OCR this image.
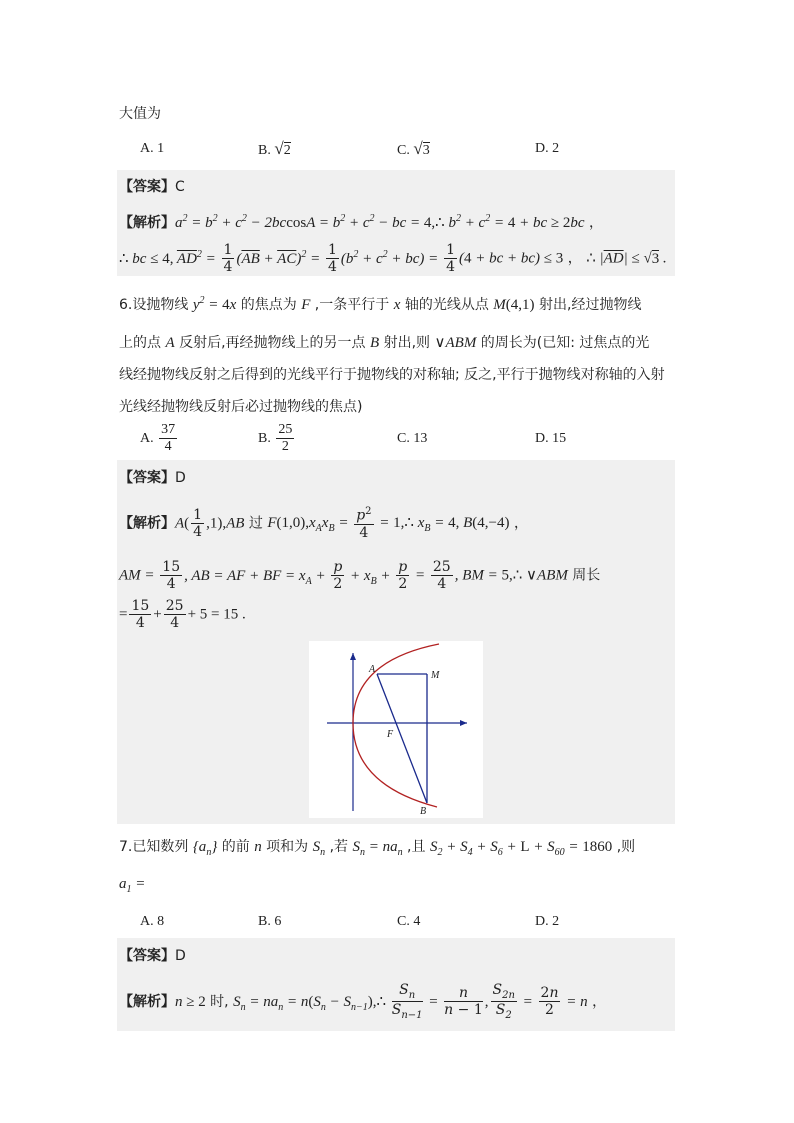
大值为
A. 1	B. √2	C. √3	D. 2
【答案】C
【解析】$a^2 = b^2 + c^2 - 2bccosA = b^2 + c^2$ − bc = 4,∴ $b^2 + c^2 = 4$ + bc ≥ 2bc ，
∴ bc ≤ 4, $\overline{AD}^2 = \frac{1}{4} (\overline{AB} + \overline{AC})^2 = \frac{1}{4} (b^2 + c^2 + bc) = \frac{1}{4} (4$ + bc + bc) ≤ 3 ， ∴ $|\overline{AD}| \le √3$ .
6.设抛物线 $y^2 = 4x$ 的焦点为 F ,一条平行于 x 轴的光线从点 M(4,1) 射出,经过抛物线
上的点 A 反射后,再经抛物线上的另一点 B 射出,则 ∨ABM 的周长为(已知: 过焦点的光
线经抛物线反射之后得到的光线平行于抛物线的对称轴; 反之,平行于抛物线对称轴的入射
光线经抛物线反射后必过抛物线的焦点)
A. $\frac{37}{4}$	B. $\frac{25}{2}$	C. 13	D. 15
【答案】D
【解析】$A( \frac{1}{4} ,1),AB$ 过 $F(1,0),x_Ax_B = \frac{p^2}{4}$ = 1,∴ $x_B = 4$, B(4,−4) ，
AM = $\frac{15}{4}$ , AB = AF + BF = $x_A + \frac{p}{2} + x_B + \frac{p}{2} = \frac{25}{4}$ , BM = 5,∴ ∨ABM 周长
= $\frac{15}{4} + \frac{25}{4} + 5 = 15$ .
A
M
F
B
7.已知数列 $\{a_n\}$ 的前 n 项和为 $S_n$ ,若 $S_n = na_n$ ,且 $S_2 + S_4 + S_6 + L + S_{60} = 1860$ ,则
$a_1$ =
A. 8	B. 6	C. 4	D. 2
【答案】D
【解析】n ≥ 2 时, $S_n = na_n = n(S_n$ − $S_{n-1}),\therefore \frac{S_n}{S_{n-1}} = \frac{n}{n - 1}$ , $\frac{S_{2n}}{S_2} = \frac{2n}{2} = n$ ，
